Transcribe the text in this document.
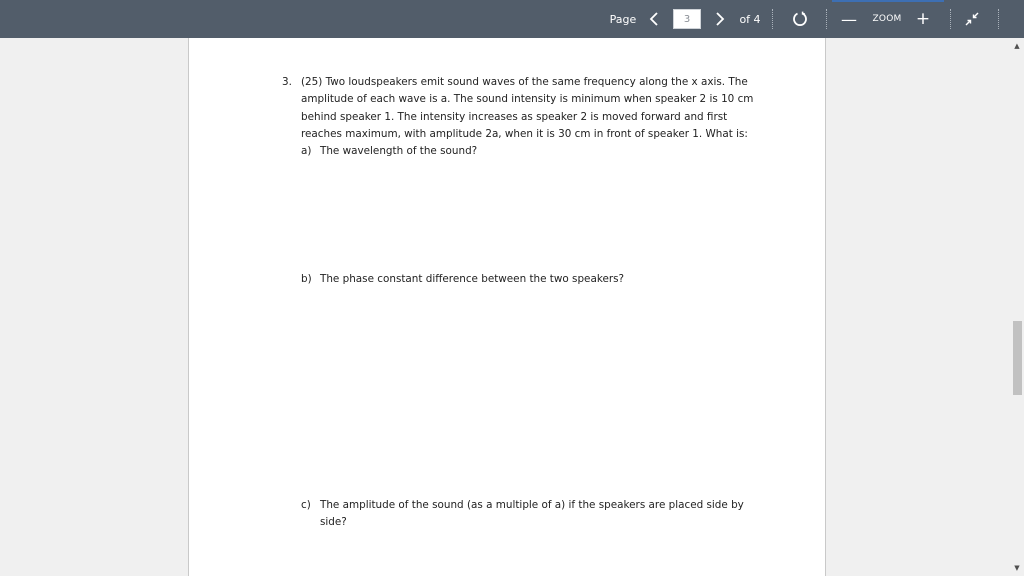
Page
3	of 4	—	ZOOM +
3. (25) Two loudspeakers emit sound waves of the same frequency along the x axis. The
amplitude of each wave is a. The sound intensity is minimum when speaker 2 is 10 cm
behind speaker 1. The intensity increases as speaker 2 is moved forward and first
reaches maximum, with amplitude 2a, when it is 30 cm in front of speaker 1. What is:
a) The wavelength of the sound?
b) The phase constant difference between the two speakers?
c) The amplitude of the sound (as a multiple of a) if the speakers are placed side by
side?
▲
▼
